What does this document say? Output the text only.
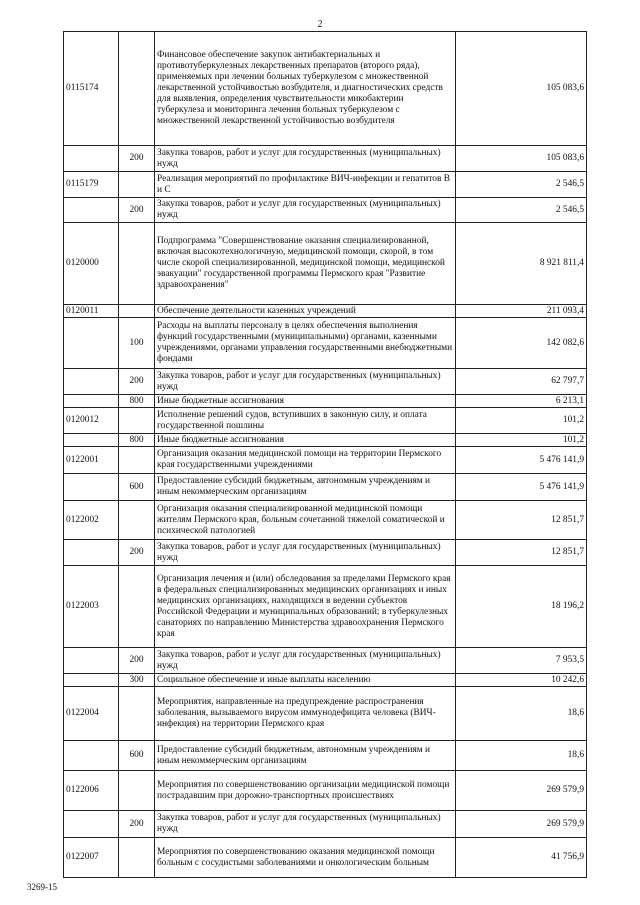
2
0115174		Финансовое обеспечение закупок антибактериальных и противотуберкулезных лекарственных препаратов (второго ряда), применяемых при лечении больных туберкулезом с множественной лекарственной устойчивостью возбудителя, и диагностических средств для выявления, определения чувствительности микобактерии туберкулеза и мониторинга лечения больных туберкулезом с множественной лекарственной устойчивостью возбудителя	105 083,6
	200	Закупка товаров, работ и услуг для государственных (муниципальных) нужд	105 083,6
0115179		Реализация мероприятий по профилактике ВИЧ-инфекции и гепатитов B и C	2 546,5
	200	Закупка товаров, работ и услуг для государственных (муниципальных) нужд	2 546,5
0120000		Подпрограмма "Совершенствование оказания специализированной, включая высокотехнологичную, медицинской помощи, скорой, в том числе скорой специализированной, медицинской помощи, медицинской эвакуации" государственной программы Пермского края "Развитие здравоохранения"	8 921 811,4
0120011		Обеспечение деятельности казенных учреждений	211 093,4
	100	Расходы на выплаты персоналу в целях обеспечения выполнения функций государственными (муниципальными) органами, казенными учреждениями, органами управления государственными внебюджетными фондами	142 082,6
	200	Закупка товаров, работ и услуг для государственных (муниципальных) нужд	62 797,7
	800	Иные бюджетные ассигнования	6 213,1
0120012		Исполнение решений судов, вступивших в законную силу, и оплата государственной пошлины	101,2
	800	Иные бюджетные ассигнования	101,2
0122001		Организация оказания медицинской помощи на территории Пермского края государственными учреждениями	5 476 141,9
	600	Предоставление субсидий бюджетным, автономным учреждениям и иным некоммерческим организациям	5 476 141,9
0122002		Организация оказания специализированной медицинской помощи жителям Пермского края, больным сочетанной тяжелой соматической и психической патологией	12 851,7
	200	Закупка товаров, работ и услуг для государственных (муниципальных) нужд	12 851,7
0122003		Организация лечения и (или) обследования за пределами Пермского края в федеральных специализированных медицинских организациях и иных медицинских организациях, находящихся в ведении субъектов Российской Федерации и муниципальных образований; в туберкулезных санаториях по направлению Министерства здравоохранения Пермского края	18 196,2
	200	Закупка товаров, работ и услуг для государственных (муниципальных) нужд	7 953,5
	300	Социальное обеспечение и иные выплаты населению	10 242,6
0122004		Мероприятия, направленные на предупреждение распространения заболевания, вызываемого вирусом иммунодефицита человека (ВИЧ-инфекция) на территории Пермского края	18,6
	600	Предоставление субсидий бюджетным, автономным учреждениям и иным некоммерческим организациям	18,6
0122006		Мероприятия по совершенствованию организации медицинской помощи пострадавшим при дорожно-транспортных происшествиях	269 579,9
	200	Закупка товаров, работ и услуг для государственных (муниципальных) нужд	269 579,9
0122007		Мероприятия по совершенствованию оказания медицинской помощи больным с сосудистыми заболеваниями и онкологическим больным	41 756,9
3269-15
